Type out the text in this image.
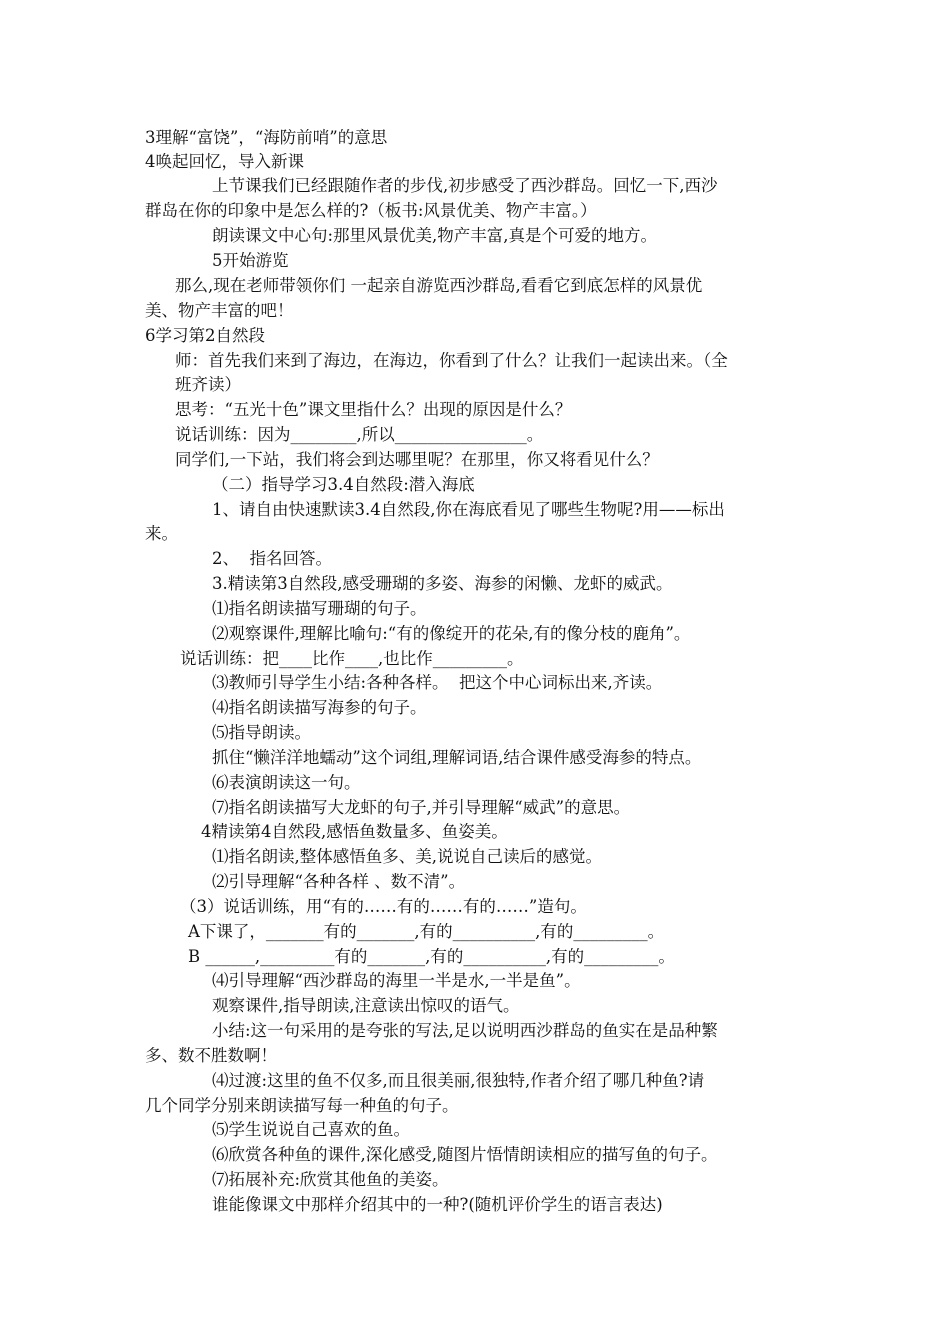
3理解“富饶”，“海防前哨”的意思
4唤起回忆，导入新课
上节课我们已经跟随作者的步伐,初步感受了西沙群岛。回忆一下,西沙
群岛在你的印象中是怎么样的?（板书:风景优美、物产丰富。）
朗读课文中心句:那里风景优美,物产丰富,真是个可爱的地方。
5开始游览
那么,现在老师带领你们 一起亲自游览西沙群岛,看看它到底怎样的风景优
美、物产丰富的吧！
6学习第2自然段
师：首先我们来到了海边，在海边，你看到了什么？让我们一起读出来。（全
班齐读）
思考：“五光十色”课文里指什么？出现的原因是什么？
说话训练：因为________,所以________________。
同学们,一下站，我们将会到达哪里呢？在那里，你又将看见什么？
（二）指导学习3.4自然段:潜入海底
1、请自由快速默读3.4自然段,你在海底看见了哪些生物呢?用——标出
来。
2、  指名回答。
3.精读第3自然段,感受珊瑚的多姿、海参的闲懒、龙虾的威武。
⑴指名朗读描写珊瑚的句子。
⑵观察课件,理解比喻句:“有的像绽开的花朵,有的像分枝的鹿角”。
说话训练：把____比作____,也比作_________。
⑶教师引导学生小结:各种各样。  把这个中心词标出来,齐读。
⑷指名朗读描写海参的句子。
⑸指导朗读。
抓住“懒洋洋地蠕动”这个词组,理解词语,结合课件感受海参的特点。
⑹表演朗读这一句。
⑺指名朗读描写大龙虾的句子,并引导理解“威武”的意思。
4精读第4自然段,感悟鱼数量多、鱼姿美。
⑴指名朗读,整体感悟鱼多、美,说说自己读后的感觉。
⑵引导理解“各种各样 、数不清”。
（3）说话训练，用“有的……有的……有的……”造句。
A下课了，_______有的_______,有的__________,有的_________。
B ______,_________有的_______,有的__________,有的_________。
⑷引导理解“西沙群岛的海里一半是水,一半是鱼”。
观察课件,指导朗读,注意读出惊叹的语气。
小结:这一句采用的是夸张的写法,足以说明西沙群岛的鱼实在是品种繁
多、数不胜数啊！
⑷过渡:这里的鱼不仅多,而且很美丽,很独特,作者介绍了哪几种鱼?请
几个同学分别来朗读描写每一种鱼的句子。
⑸学生说说自己喜欢的鱼。
⑹欣赏各种鱼的课件,深化感受,随图片悟情朗读相应的描写鱼的句子。
⑺拓展补充:欣赏其他鱼的美姿。
谁能像课文中那样介绍其中的一种?(随机评价学生的语言表达)
